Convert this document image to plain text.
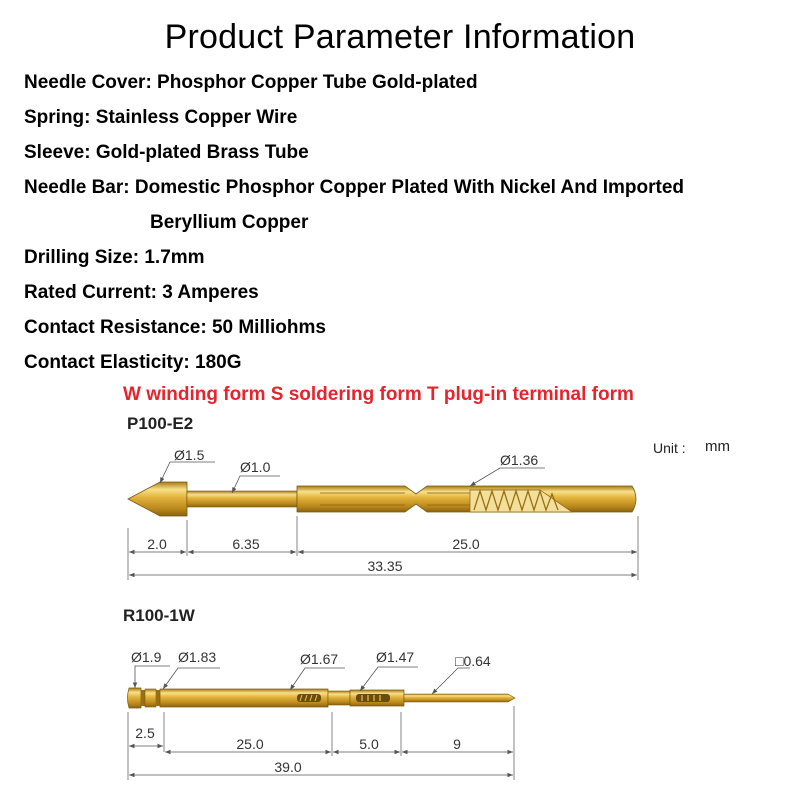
Product Parameter Information
Needle Cover: Phosphor Copper Tube Gold-plated
Spring: Stainless Copper Wire
Sleeve: Gold-plated Brass Tube
Needle Bar: Domestic Phosphor Copper Plated With Nickel And Imported
Beryllium Copper
Drilling Size: 1.7mm
Rated Current: 3 Amperes
Contact Resistance: 50 Milliohms
Contact Elasticity: 180G
W winding form S soldering form T plug-in terminal form
P100-E2
Unit : mm
R100-1W
Ø1.5
Ø1.0	Ø1.36
2.0	6.35	25.0
33.35
Ø1.9 Ø1.83	Ø1.67	Ø1.47	□0.64
2.5
25.0	5.0	9
39.0
